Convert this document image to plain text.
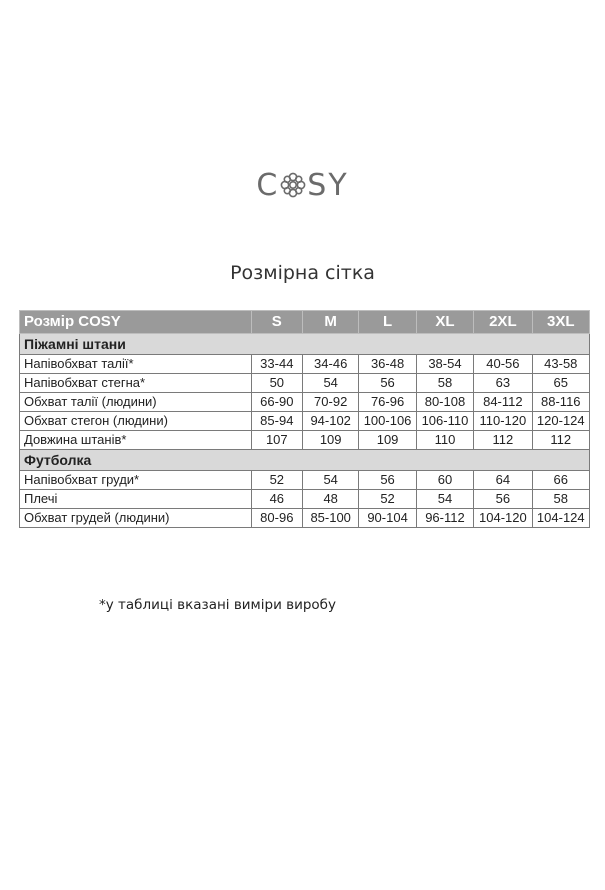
C SY
Розмірна сітка
Розмір COSY	S	M	L	XL	2XL	3XL
Піжамні штани						
Напівобхват талії*	33-44	34-46	36-48	38-54	40-56	43-58
Напівобхват стегна*	50	54	56	58	63	65
Обхват талії (людини)	66-90	70-92	76-96	80-108	84-112	88-116
Обхват стегон (людини)	85-94	94-102	100-106	106-110	110-120	120-124
Довжина штанів*	107	109	109	110	112	112
Футболка						
Напівобхват груди*	52	54	56	60	64	66
Плечі	46	48	52	54	56	58
Обхват грудей (людини)	80-96	85-100	90-104	96-112	104-120	104-124
*у таблиці вказані виміри виробу
